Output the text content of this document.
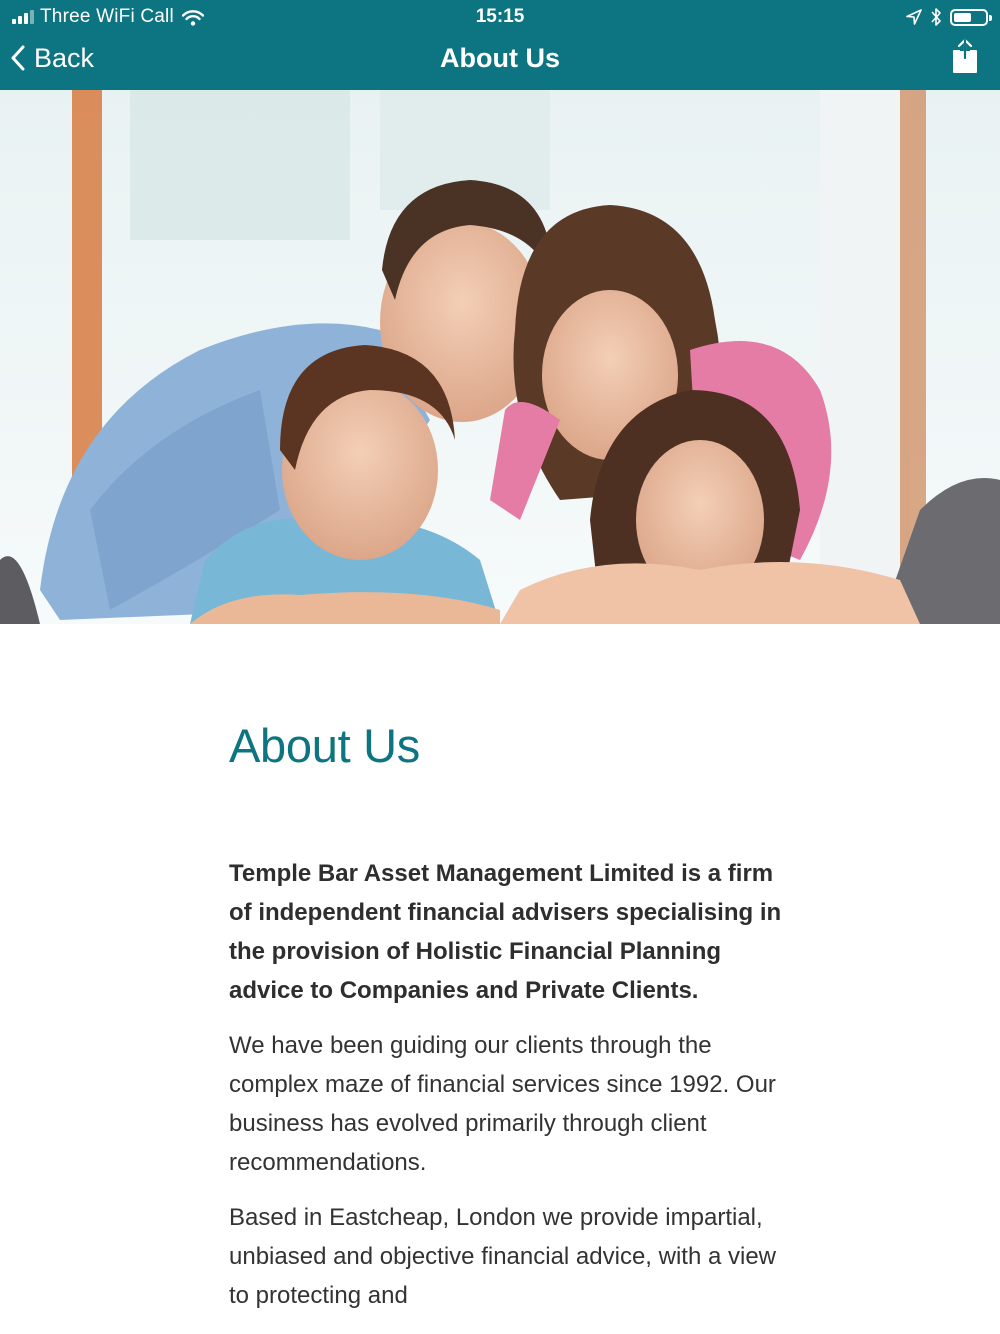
Three WiFi Call	15:15
Back	About Us
About Us

Temple Bar Asset Management Limited is a firm of independent financial advisers specialising in the provision of Holistic Financial Planning advice to Companies and Private Clients.

We have been guiding our clients through the complex maze of financial services since 1992. Our business has evolved primarily through client recommendations.

Based in Eastcheap, London we provide impartial, unbiased and objective financial advice, with a view to protecting and
